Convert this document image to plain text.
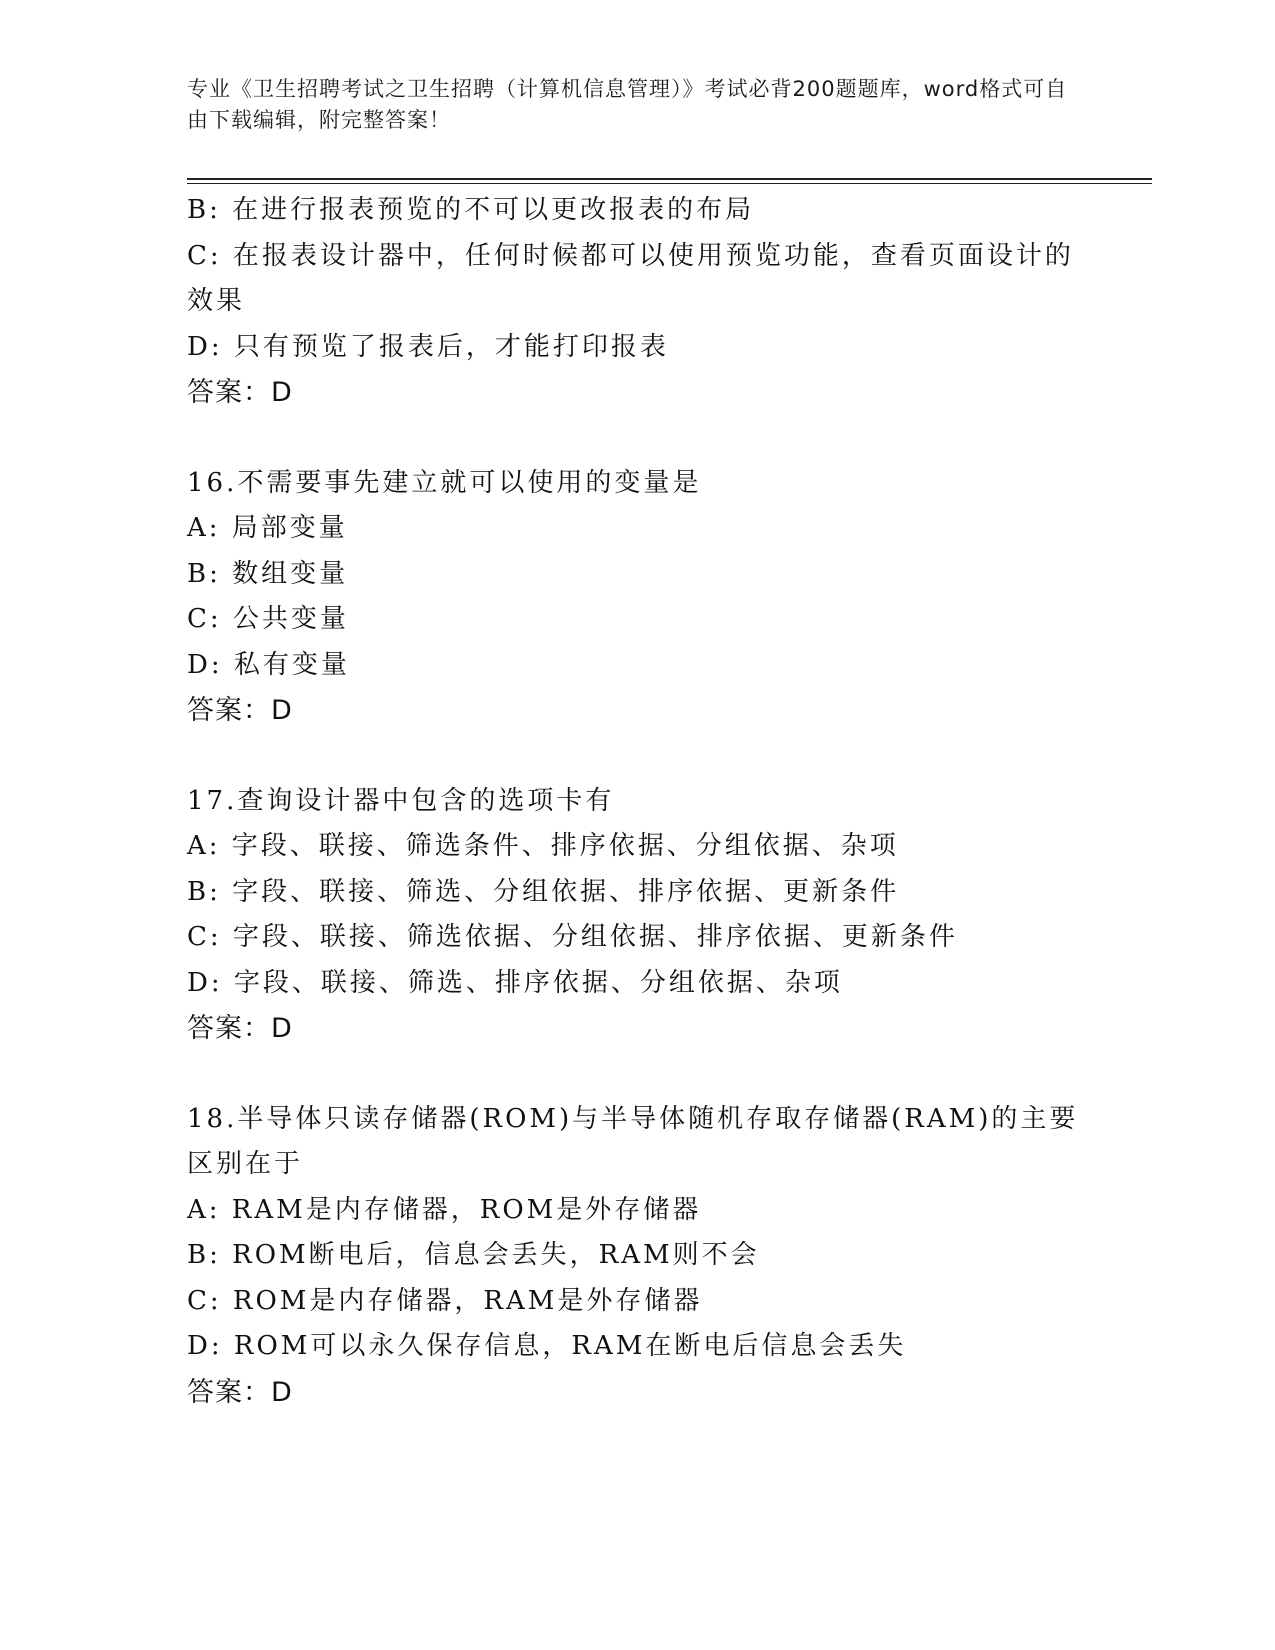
专业《卫生招聘考试之卫生招聘（计算机信息管理）》考试必背200题题库，word格式可自由下载编辑，附完整答案！
B: 在进行报表预览的不可以更改报表的布局
C: 在报表设计器中，任何时候都可以使用预览功能，查看页面设计的效果
D: 只有预览了报表后，才能打印报表
答案：D
16.不需要事先建立就可以使用的变量是
A: 局部变量
B: 数组变量
C: 公共变量
D: 私有变量
答案：D
17.查询设计器中包含的选项卡有
A: 字段、联接、筛选条件、排序依据、分组依据、杂项
B: 字段、联接、筛选、分组依据、排序依据、更新条件
C: 字段、联接、筛选依据、分组依据、排序依据、更新条件
D: 字段、联接、筛选、排序依据、分组依据、杂项
答案：D
18.半导体只读存储器(ROM)与半导体随机存取存储器(RAM)的主要区别在于
A: RAM是内存储器，ROM是外存储器
B: ROM断电后，信息会丢失，RAM则不会
C: ROM是内存储器，RAM是外存储器
D: ROM可以永久保存信息，RAM在断电后信息会丢失
答案：D
